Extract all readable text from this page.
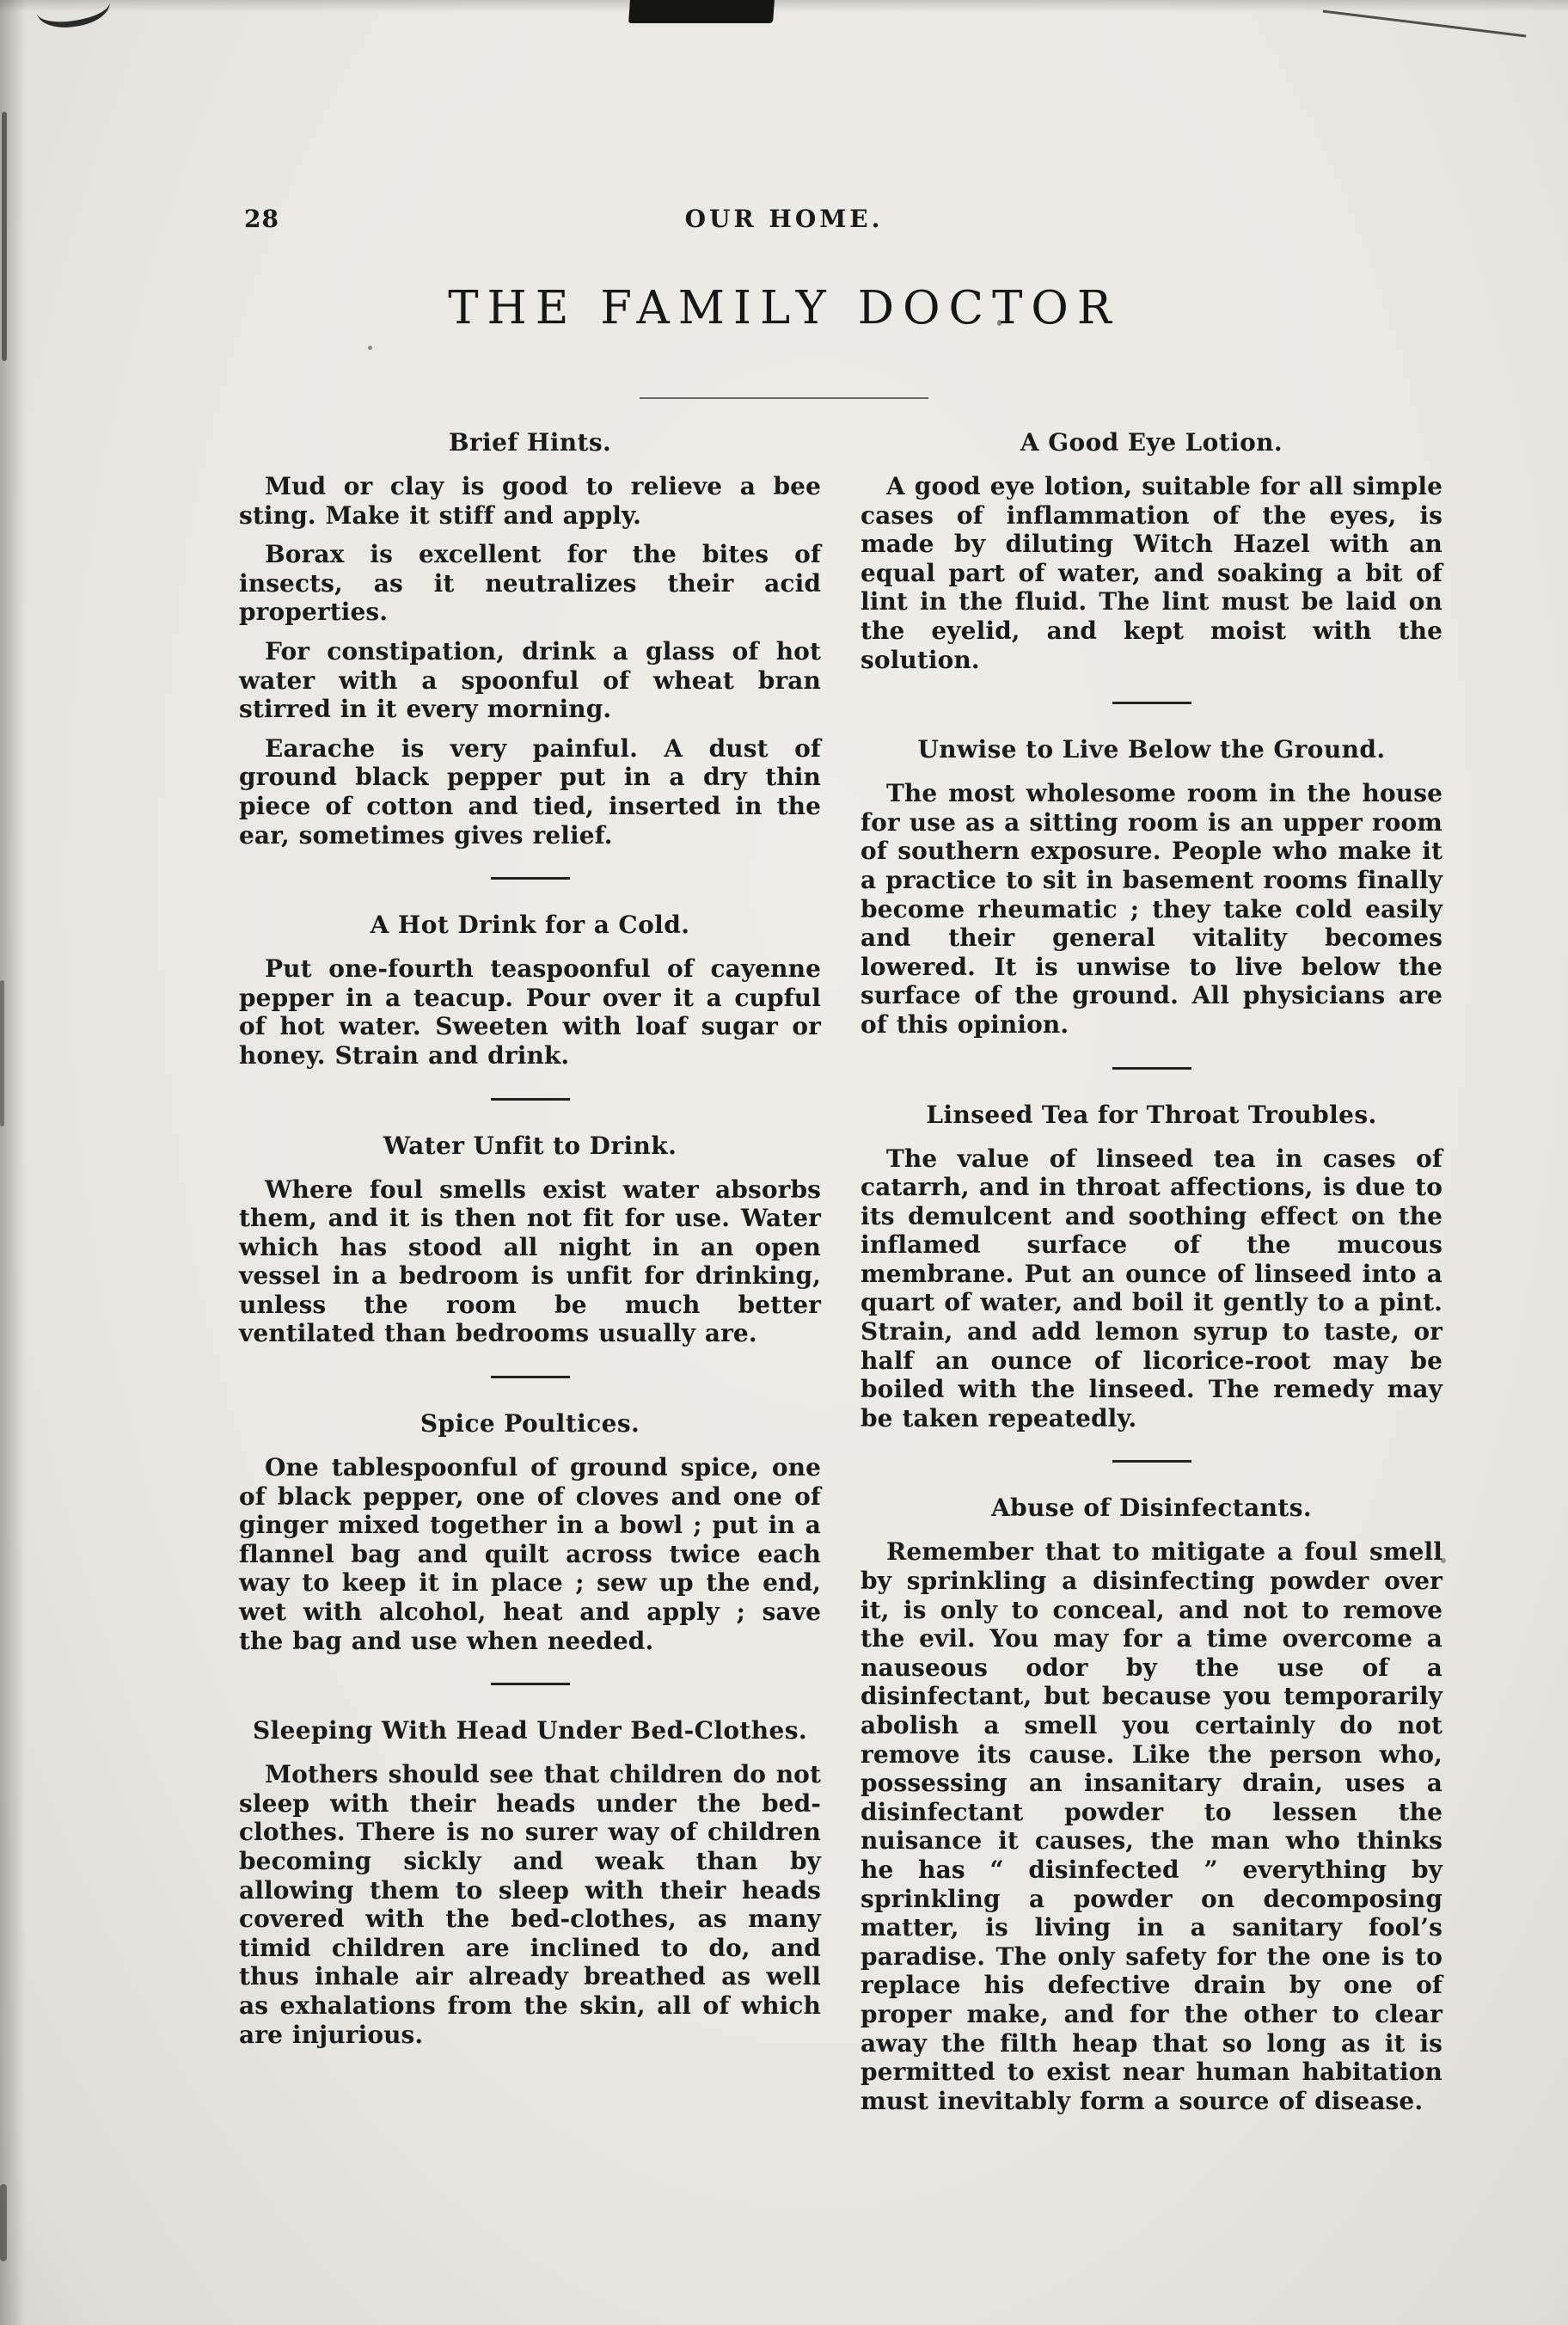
28	OUR HOME.
THE FAMILY DOCTOR
Brief Hints.

Mud or clay is good to relieve a bee sting. Make it stiff and apply.

Borax is excellent for the bites of insects, as it neutralizes their acid properties.

For constipation, drink a glass of hot water with a spoonful of wheat bran stirred in it every morning.

Earache is very painful. A dust of ground black pepper put in a dry thin piece of cotton and tied, inserted in the ear, sometimes gives relief.

A Hot Drink for a Cold.

Put one-fourth teaspoonful of cayenne pepper in a teacup. Pour over it a cupful of hot water. Sweeten with loaf sugar or honey. Strain and drink.

Water Unfit to Drink.

Where foul smells exist water absorbs them, and it is then not fit for use. Water which has stood all night in an open vessel in a bedroom is unfit for drinking, unless the room be much better ventilated than bedrooms usually are.

Spice Poultices.

One tablespoonful of ground spice, one of black pepper, one of cloves and one of ginger mixed together in a bowl ; put in a flannel bag and quilt across twice each way to keep it in place ; sew up the end, wet with alcohol, heat and apply ; save the bag and use when needed.

Sleeping With Head Under Bed-Clothes.

Mothers should see that children do not sleep with their heads under the bed-clothes. There is no surer way of children becoming sickly and weak than by allowing them to sleep with their heads covered with the bed-clothes, as many timid children are inclined to do, and thus inhale air already breathed as well as exhalations from the skin, all of which are injurious.

A Good Eye Lotion.

A good eye lotion, suitable for all simple cases of inflammation of the eyes, is made by diluting Witch Hazel with an equal part of water, and soaking a bit of lint in the fluid. The lint must be laid on the eyelid, and kept moist with the solution.

Unwise to Live Below the Ground.

The most wholesome room in the house for use as a sitting room is an upper room of southern exposure. People who make it a practice to sit in basement rooms finally become rheumatic ; they take cold easily and their general vitality becomes lowered. It is unwise to live below the surface of the ground. All physicians are of this opinion.

Linseed Tea for Throat Troubles.

The value of linseed tea in cases of catarrh, and in throat affections, is due to its demulcent and soothing effect on the inflamed surface of the mucous membrane. Put an ounce of linseed into a quart of water, and boil it gently to a pint. Strain, and add lemon syrup to taste, or half an ounce of licorice-root may be boiled with the linseed. The remedy may be taken repeatedly.

Abuse of Disinfectants.

Remember that to mitigate a foul smell by sprinkling a disinfecting powder over it, is only to conceal, and not to remove the evil. You may for a time overcome a nauseous odor by the use of a disinfectant, but because you temporarily abolish a smell you certainly do not remove its cause. Like the person who, possessing an insanitary drain, uses a disinfectant powder to lessen the nuisance it causes, the man who thinks he has “ disinfected ” everything by sprinkling a powder on decomposing matter, is living in a sanitary fool’s paradise. The only safety for the one is to replace his defective drain by one of proper make, and for the other to clear away the filth heap that so long as it is permitted to exist near human habitation must inevitably form a source of disease.
